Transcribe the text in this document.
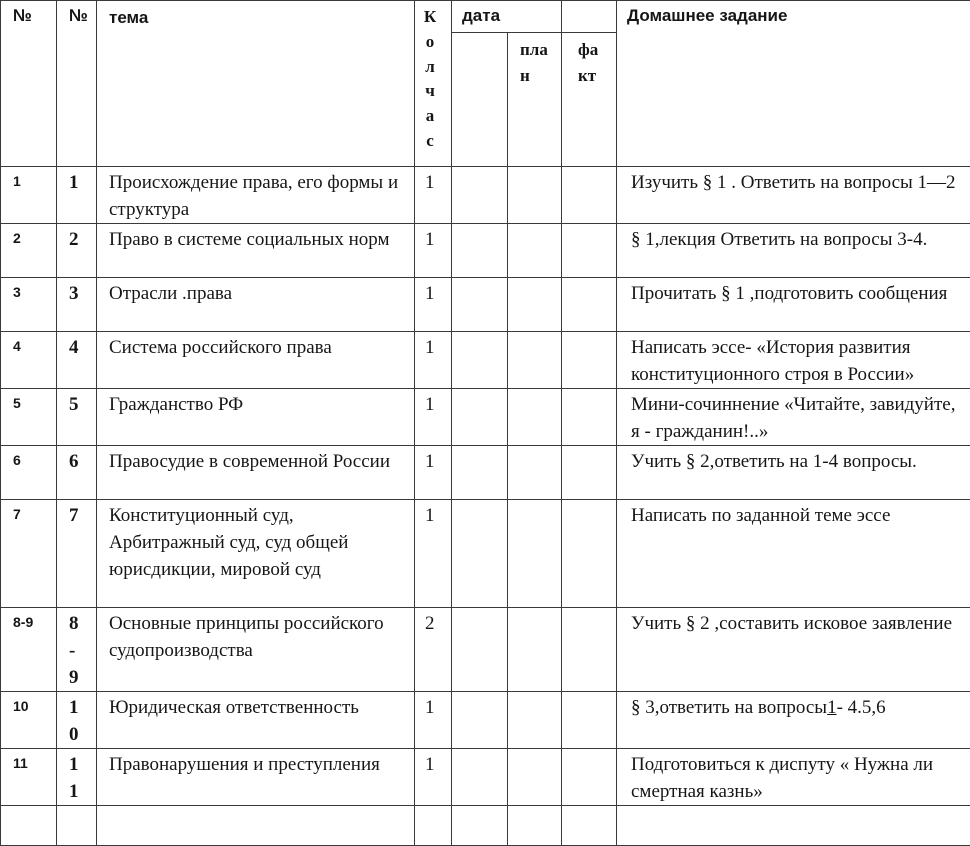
№	№	тема	Колчас	дата			Домашнее задание

					план	факт	

1	1	Происхождение права, его формы и структура	1				Изучить § 1 . Ответить на вопросы 1—2

2	2	Право в системе социальных норм	1				§ 1,лекция Ответить на вопросы 3-4.

3	3	Отрасли .права	1				Прочитать § 1 ,подготовить сообщения

4	4	Система российского права	1				Написать эссе- «История развития конституционного строя в России»

5	5	Гражданство РФ	1				Мини-сочиннение «Читайте, завидуйте, я - гражданин!..»

6	6	Правосудие в современной России	1				Учить § 2,ответить на 1-4 вопросы.

7	7	Конституционный суд, Арбитражный суд, суд общей юрисдикции, мировой суд	1				Написать по заданной теме эссе

8-9	8-9	Основные принципы российского судопроизводства	2				Учить § 2 ,составить исковое заявление

10	10	Юридическая ответственность	1				§ 3,ответить на вопросы1- 4.5,6

11	11	Правонарушения и преступления	1				Подготовиться к диспуту « Нужна ли смертная казнь»
